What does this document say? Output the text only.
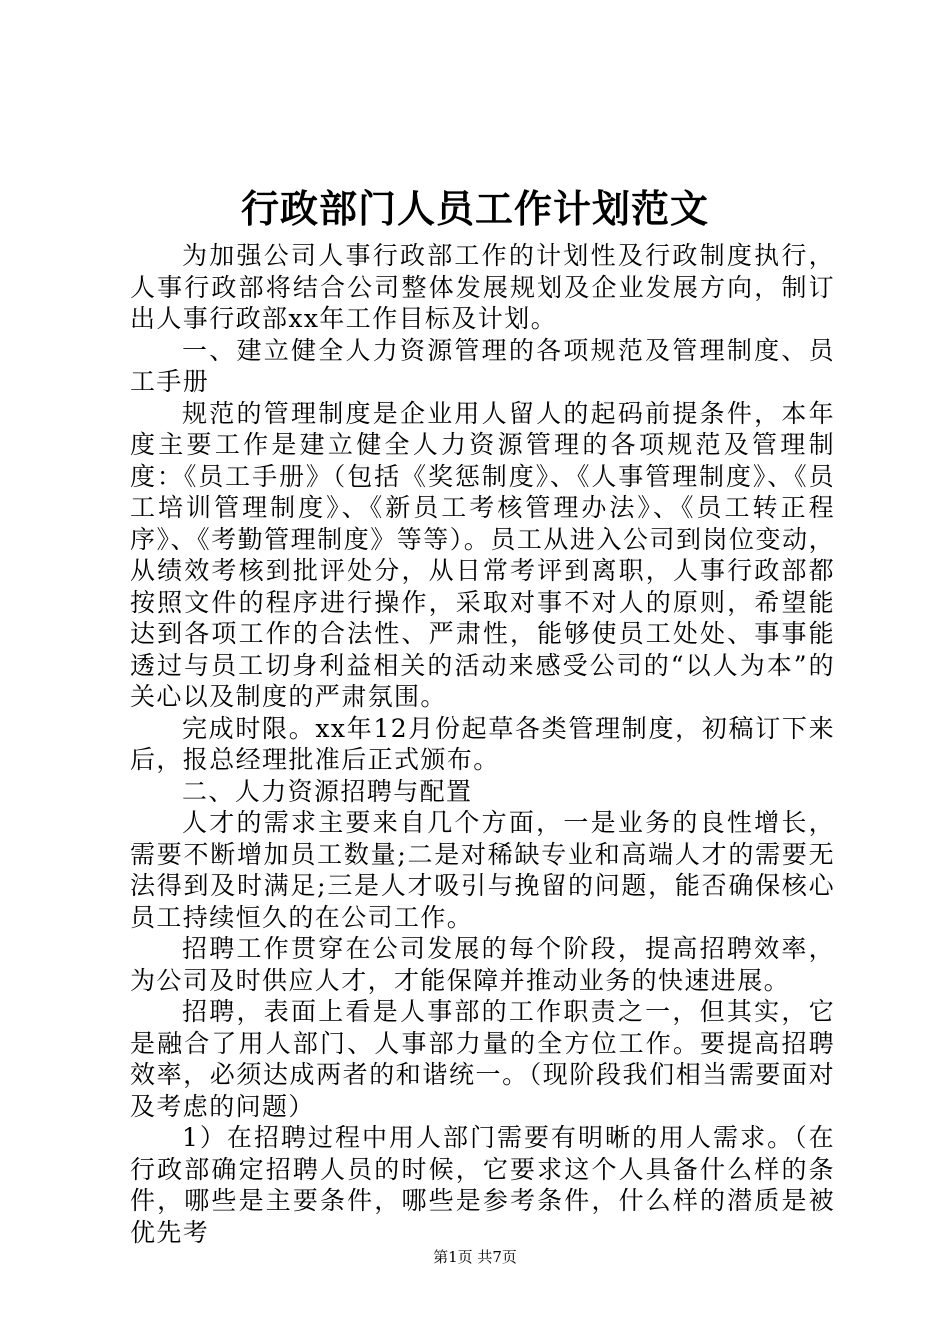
行政部门人员工作计划范文

为加强公司人事行政部工作的计划性及行政制度执行，人事行政部将结合公司整体发展规划及企业发展方向，制订出人事行政部xx年工作目标及计划。

一、建立健全人力资源管理的各项规范及管理制度、员工手册

规范的管理制度是企业用人留人的起码前提条件，本年度主要工作是建立健全人力资源管理的各项规范及管理制度：《员工手册》（包括《奖惩制度》、《人事管理制度》、《员工培训管理制度》、《新员工考核管理办法》、《员工转正程序》、《考勤管理制度》等等）。员工从进入公司到岗位变动，从绩效考核到批评处分，从日常考评到离职，人事行政部都按照文件的程序进行操作，采取对事不对人的原则，希望能达到各项工作的合法性、严肃性，能够使员工处处、事事能透过与员工切身利益相关的活动来感受公司的“以人为本”的关心以及制度的严肃氛围。

完成时限。xx年12月份起草各类管理制度，初稿订下来后，报总经理批准后正式颁布。

二、人力资源招聘与配置

人才的需求主要来自几个方面，一是业务的良性增长，需要不断增加员工数量;二是对稀缺专业和高端人才的需要无法得到及时满足;三是人才吸引与挽留的问题，能否确保核心员工持续恒久的在公司工作。

招聘工作贯穿在公司发展的每个阶段，提高招聘效率，为公司及时供应人才，才能保障并推动业务的快速进展。

招聘，表面上看是人事部的工作职责之一，但其实，它是融合了用人部门、人事部力量的全方位工作。要提高招聘效率，必须达成两者的和谐统一。（现阶段我们相当需要面对及考虑的问题）

1）在招聘过程中用人部门需要有明晰的用人需求。（在行政部确定招聘人员的时候，它要求这个人具备什么样的条件，哪些是主要条件，哪些是参考条件，什么样的潜质是被优先考

第1页 共7页
